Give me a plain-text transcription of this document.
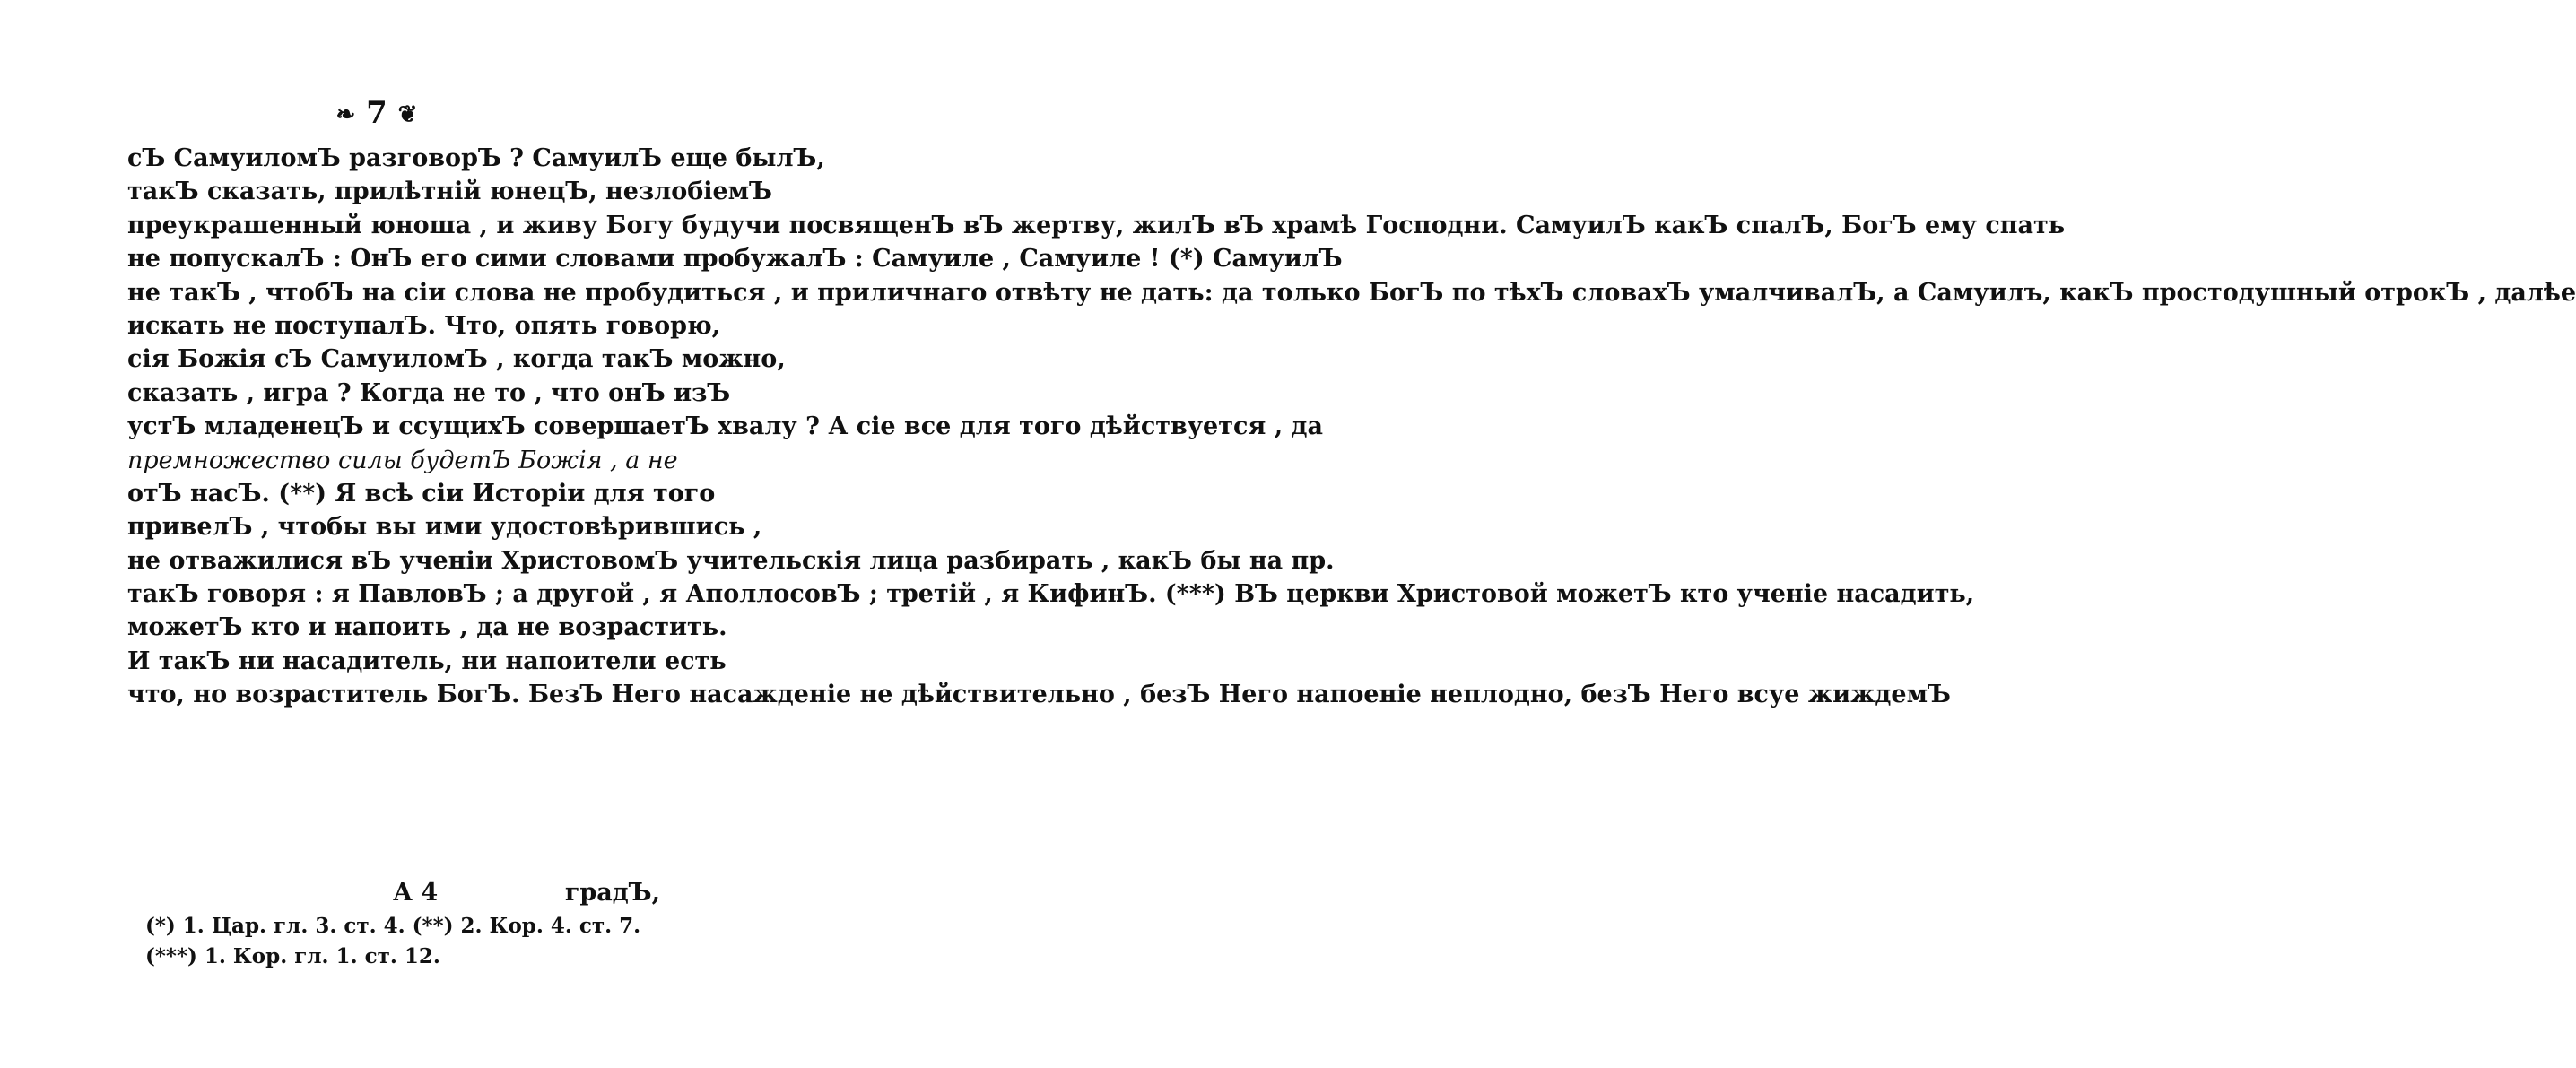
❧ 7 ❦
сЪ СамуиломЪ разговорЪ ? СамуилЪ еще былЪ,
такЪ сказать, прилѣтній юнецЪ, незлобіемЪ
преукрашенный юноша , и живу Богу будучи посвященЪ вЪ жертву, жилЪ вЪ храмѣ Господни. СамуилЪ какЪ спалЪ, БогЪ ему спать
не попускалЪ : ОнЪ его сими словами пробужалЪ : Самуиле , Самуиле ! (*) СамуилЪ
не такЪ , чтобЪ на сіи слова не пробудиться , и приличнаго отвѣту не дать: да только БогЪ по тѣхЪ словахЪ умалчивалЪ, а Самуилъ, какЪ простодушный отрокЪ , далѣе
искать не поступалЪ. Что, опять говорю,
сія Божія сЪ СамуиломЪ , когда такЪ можно,
сказать , игра ? Когда не то , что онЪ изЪ
устЪ младенецЪ и ссущихЪ совершаетЪ хвалу ? А сіе все для того дѣйствуется , да
премножество силы будетЪ Божія , а не
отЪ насЪ. (**) Я всѣ сіи Исторіи для того
привелЪ , чтобы вы ими удостовѣрившись ,
не отважилися вЪ ученіи ХристовомЪ учительскія лица разбирать , какЪ бы на пр.
такЪ говоря : я ПавловЪ ; а другой , я АполлосовЪ ; третій , я КифинЪ. (***) ВЪ церкви Христовой можетЪ кто ученіе насадить,
можетЪ кто и напоить , да не возрастить.
И такЪ ни насадитель, ни напоители есть
что, но возраститель БогЪ. БезЪ Него насажденіе не дѣйствительно , безЪ Него напоеніе неплодно, безЪ Него всуе жиждемЪ
А 4	градЪ,
(*) 1. Цар. гл. 3. ст. 4. (**) 2. Кор. 4. ст. 7.
(***) 1. Кор. гл. 1. ст. 12.
